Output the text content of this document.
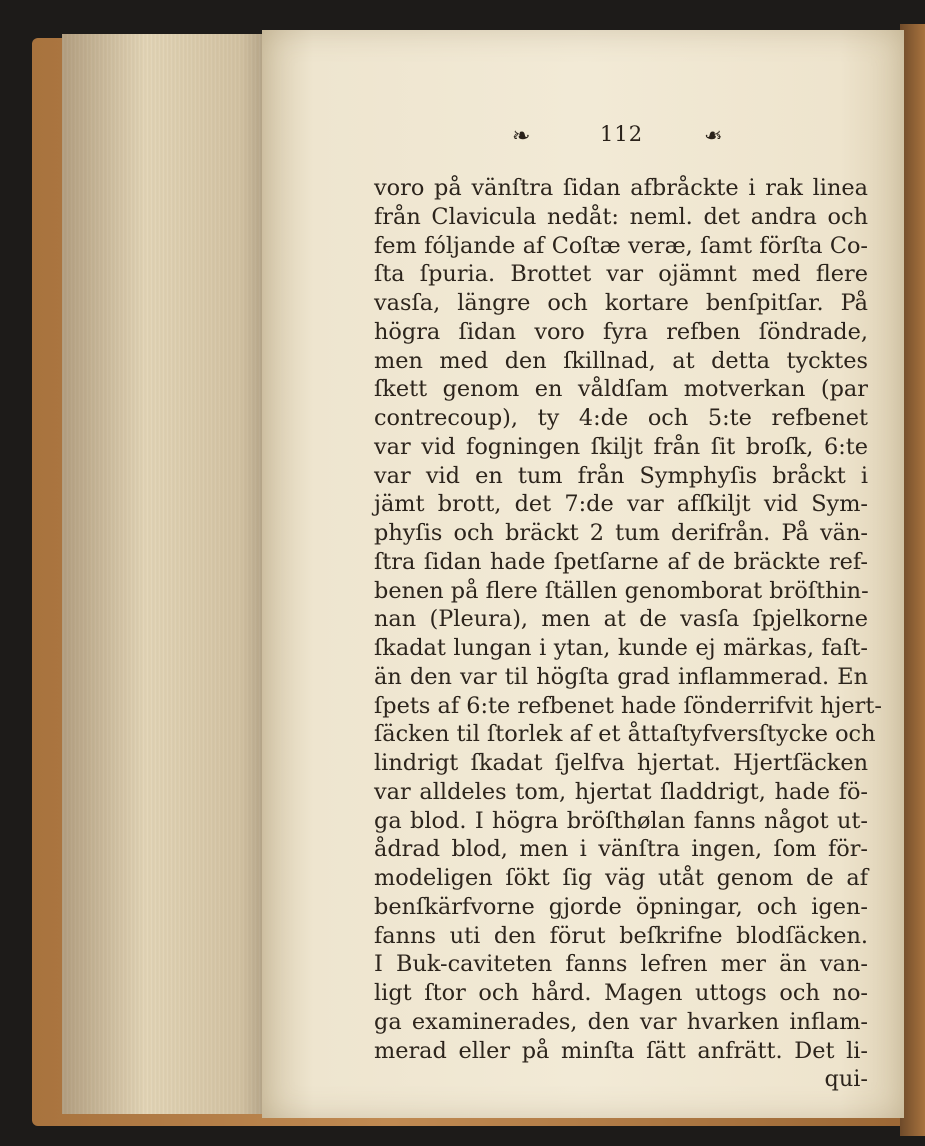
❧	112	❧
voro på vänſtra ſidan afbråckte i rak linea
från Clavicula nedåt: neml. det andra och
fem fóljande af Coſtæ veræ, ſamt förſta Co-
ſta ſpuria. Brottet var ojämnt med flere
vasſa, längre och kortare benſpitſar. På
högra ſidan voro fyra refben ſöndrade,
men med den ſkillnad, at detta tycktes
ſkett genom en våldſam motverkan (par
contrecoup), ty 4:de och 5:te refbenet
var vid fogningen ſkiljt från ſit broſk, 6:te
var vid en tum från Symphyſis bråckt i
jämt brott, det 7:de var afſkiljt vid Sym-
phyſis och bräckt 2 tum derifrån. På vän-
ſtra ſidan hade ſpetſarne af de bräckte ref-
benen på flere ſtällen genomborat bröſthin-
nan (Pleura), men at de vasſa ſpjelkorne
ſkadat lungan i ytan, kunde ej märkas, faſt-
än den var til högſta grad inflammerad. En
ſpets af 6:te refbenet hade ſönderrifvit hjert-
ſäcken til ſtorlek af et åttaſtyfversſtycke och
lindrigt ſkadat ſjelfva hjertat. Hjertſäcken
var alldeles tom, hjertat ſladdrigt, hade fö-
ga blod. I högra bröſthølan fanns något ut-
ådrad blod, men i vänſtra ingen, ſom för-
modeligen ſökt ſig väg utåt genom de af
benſkärfvorne gjorde öpningar, och igen-
fanns uti den förut beſkrifne blodſäcken.
I Buk-caviteten fanns lefren mer än van-
ligt ſtor och hård. Magen uttogs och no-
ga examinerades, den var hvarken inflam-
merad eller på minſta ſätt anfrätt. Det li-
qui-
